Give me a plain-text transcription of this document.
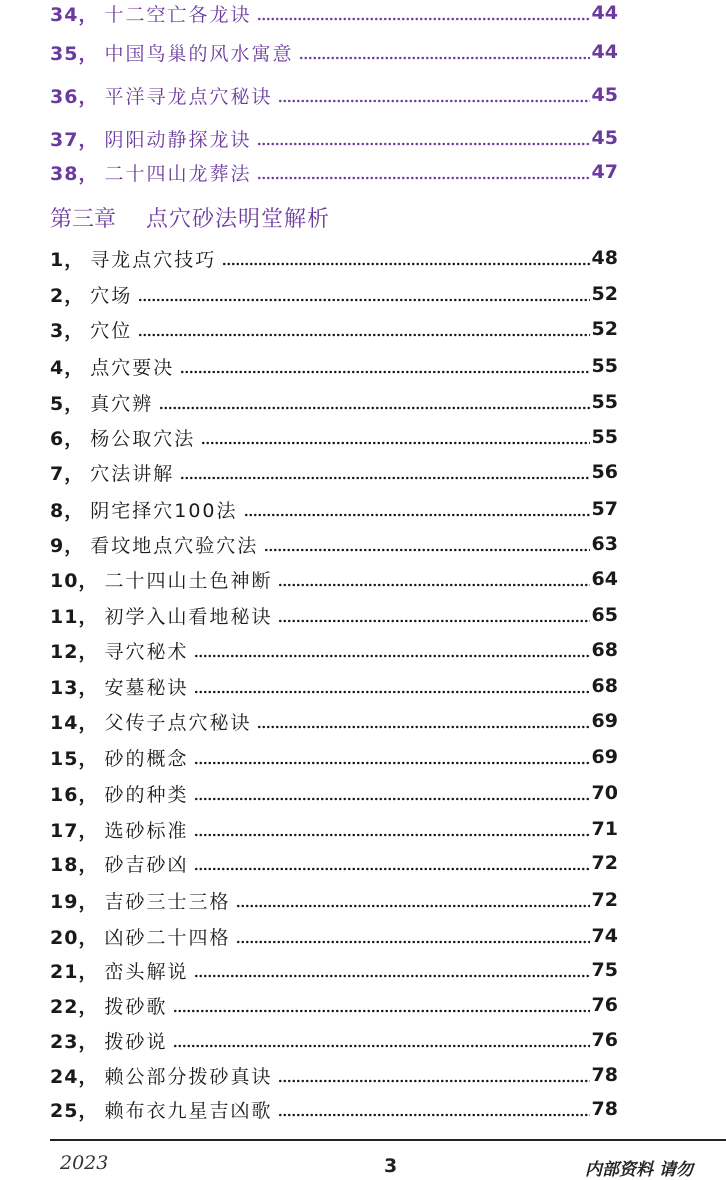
34， 十二空亡各龙诀	44
35， 中国鸟巢的风水寓意	44
36， 平洋寻龙点穴秘诀	45
37， 阴阳动静探龙诀	45
38， 二十四山龙葬法	47
第三章 点穴砂法明堂解析
1， 寻龙点穴技巧	48
2， 穴场	52
3， 穴位	52
4， 点穴要决	55
5， 真穴辨	55
6， 杨公取穴法	55
7， 穴法讲解	56
8， 阴宅择穴100法	57
9， 看坟地点穴验穴法	63
10， 二十四山土色神断	64
11， 初学入山看地秘诀	65
12， 寻穴秘术	68
13， 安墓秘诀	68
14， 父传子点穴秘诀	69
15， 砂的概念	69
16， 砂的种类	70
17， 选砂标准	71
18， 砂吉砂凶	72
19， 吉砂三士三格	72
20， 凶砂二十四格	74
21， 峦头解说	75
22， 拨砂歌	76
23， 拨砂说	76
24， 赖公部分拨砂真诀	78
25， 赖布衣九星吉凶歌	78
2023	3	内部资料 请勿
